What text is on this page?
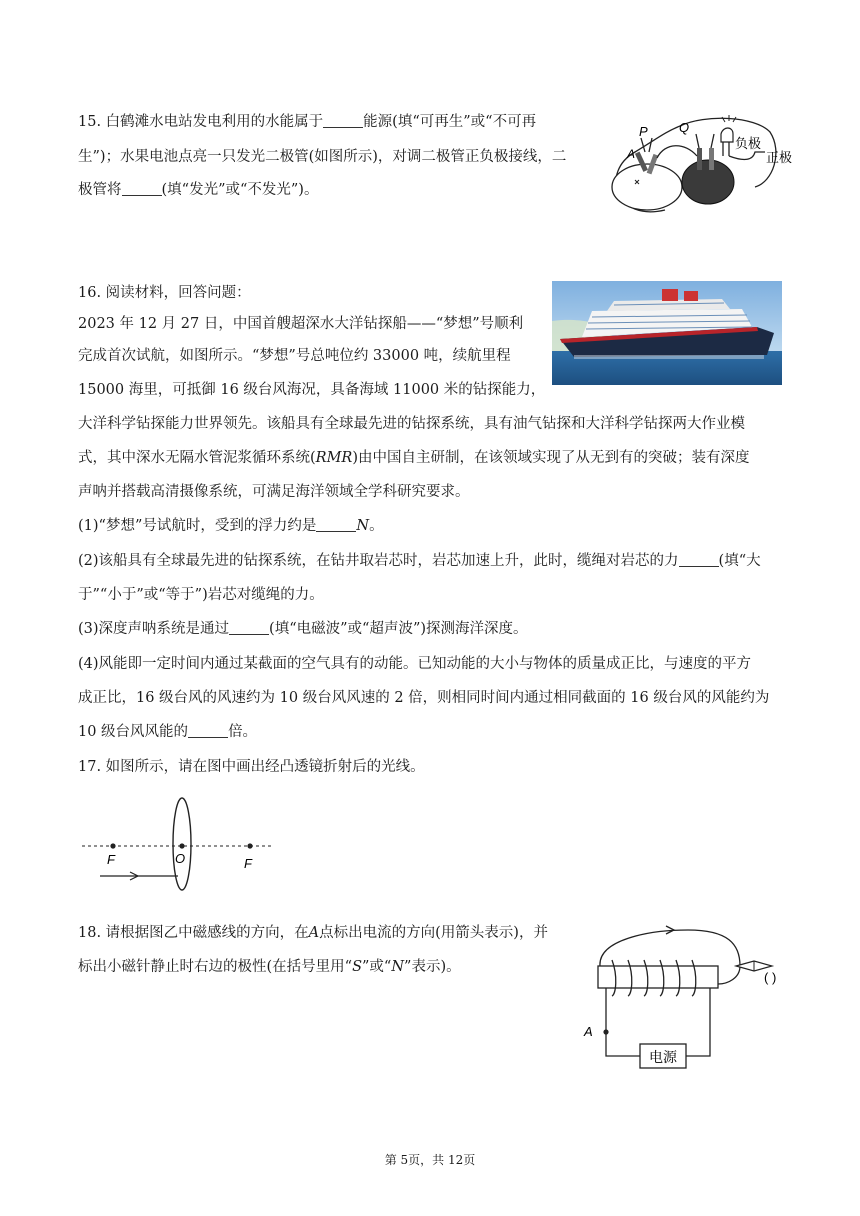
15. 白鹤滩水电站发电利用的水能属于	能源(填“可再生”或“不可再
生”)；水果电池点亮一只发光二极管(如图所示)，对调二极管正负极接线，二
极管将	(填“发光”或“不发光”)。
P Q
A
负极
正极
16. 阅读材料，回答问题：
2023 年 12 月 27 日，中国首艘超深水大洋钻探船——“梦想”号顺利
完成首次试航，如图所示。“梦想”号总吨位约 33000 吨，续航里程
15000 海里，可抵御 16 级台风海况，具备海域 11000 米的钻探能力，
大洋科学钻探能力世界领先。该船具有全球最先进的钻探系统，具有油气钻探和大洋科学钻探两大作业模
式，其中深水无隔水管泥浆循环系统(RMR)由中国自主研制，在该领域实现了从无到有的突破；装有深度
声呐并搭载高清摄像系统，可满足海洋领域全学科研究要求。
(1)“梦想”号试航时，受到的浮力约是	N。
(2)该船具有全球最先进的钻探系统，在钻井取岩芯时，岩芯加速上升，此时，缆绳对岩芯的力	(填“大
于”“小于”或“等于”)岩芯对缆绳的力。
(3)深度声呐系统是通过	(填“电磁波”或“超声波”)探测海洋深度。
(4)风能即一定时间内通过某截面的空气具有的动能。已知动能的大小与物体的质量成正比，与速度的平方
成正比，16 级台风的风速约为 10 级台风风速的 2 倍，则相同时间内通过相同截面的 16 级台风的风能约为
10 级台风风能的	倍。
17. 如图所示，请在图中画出经凸透镜折射后的光线。
F	O	F
18. 请根据图乙中磁感线的方向，在A点标出电流的方向(用箭头表示)，并
标出小磁针静止时右边的极性(在括号里用“S”或“N”表示)。
A
电源
( )
第 5页，共 12页
